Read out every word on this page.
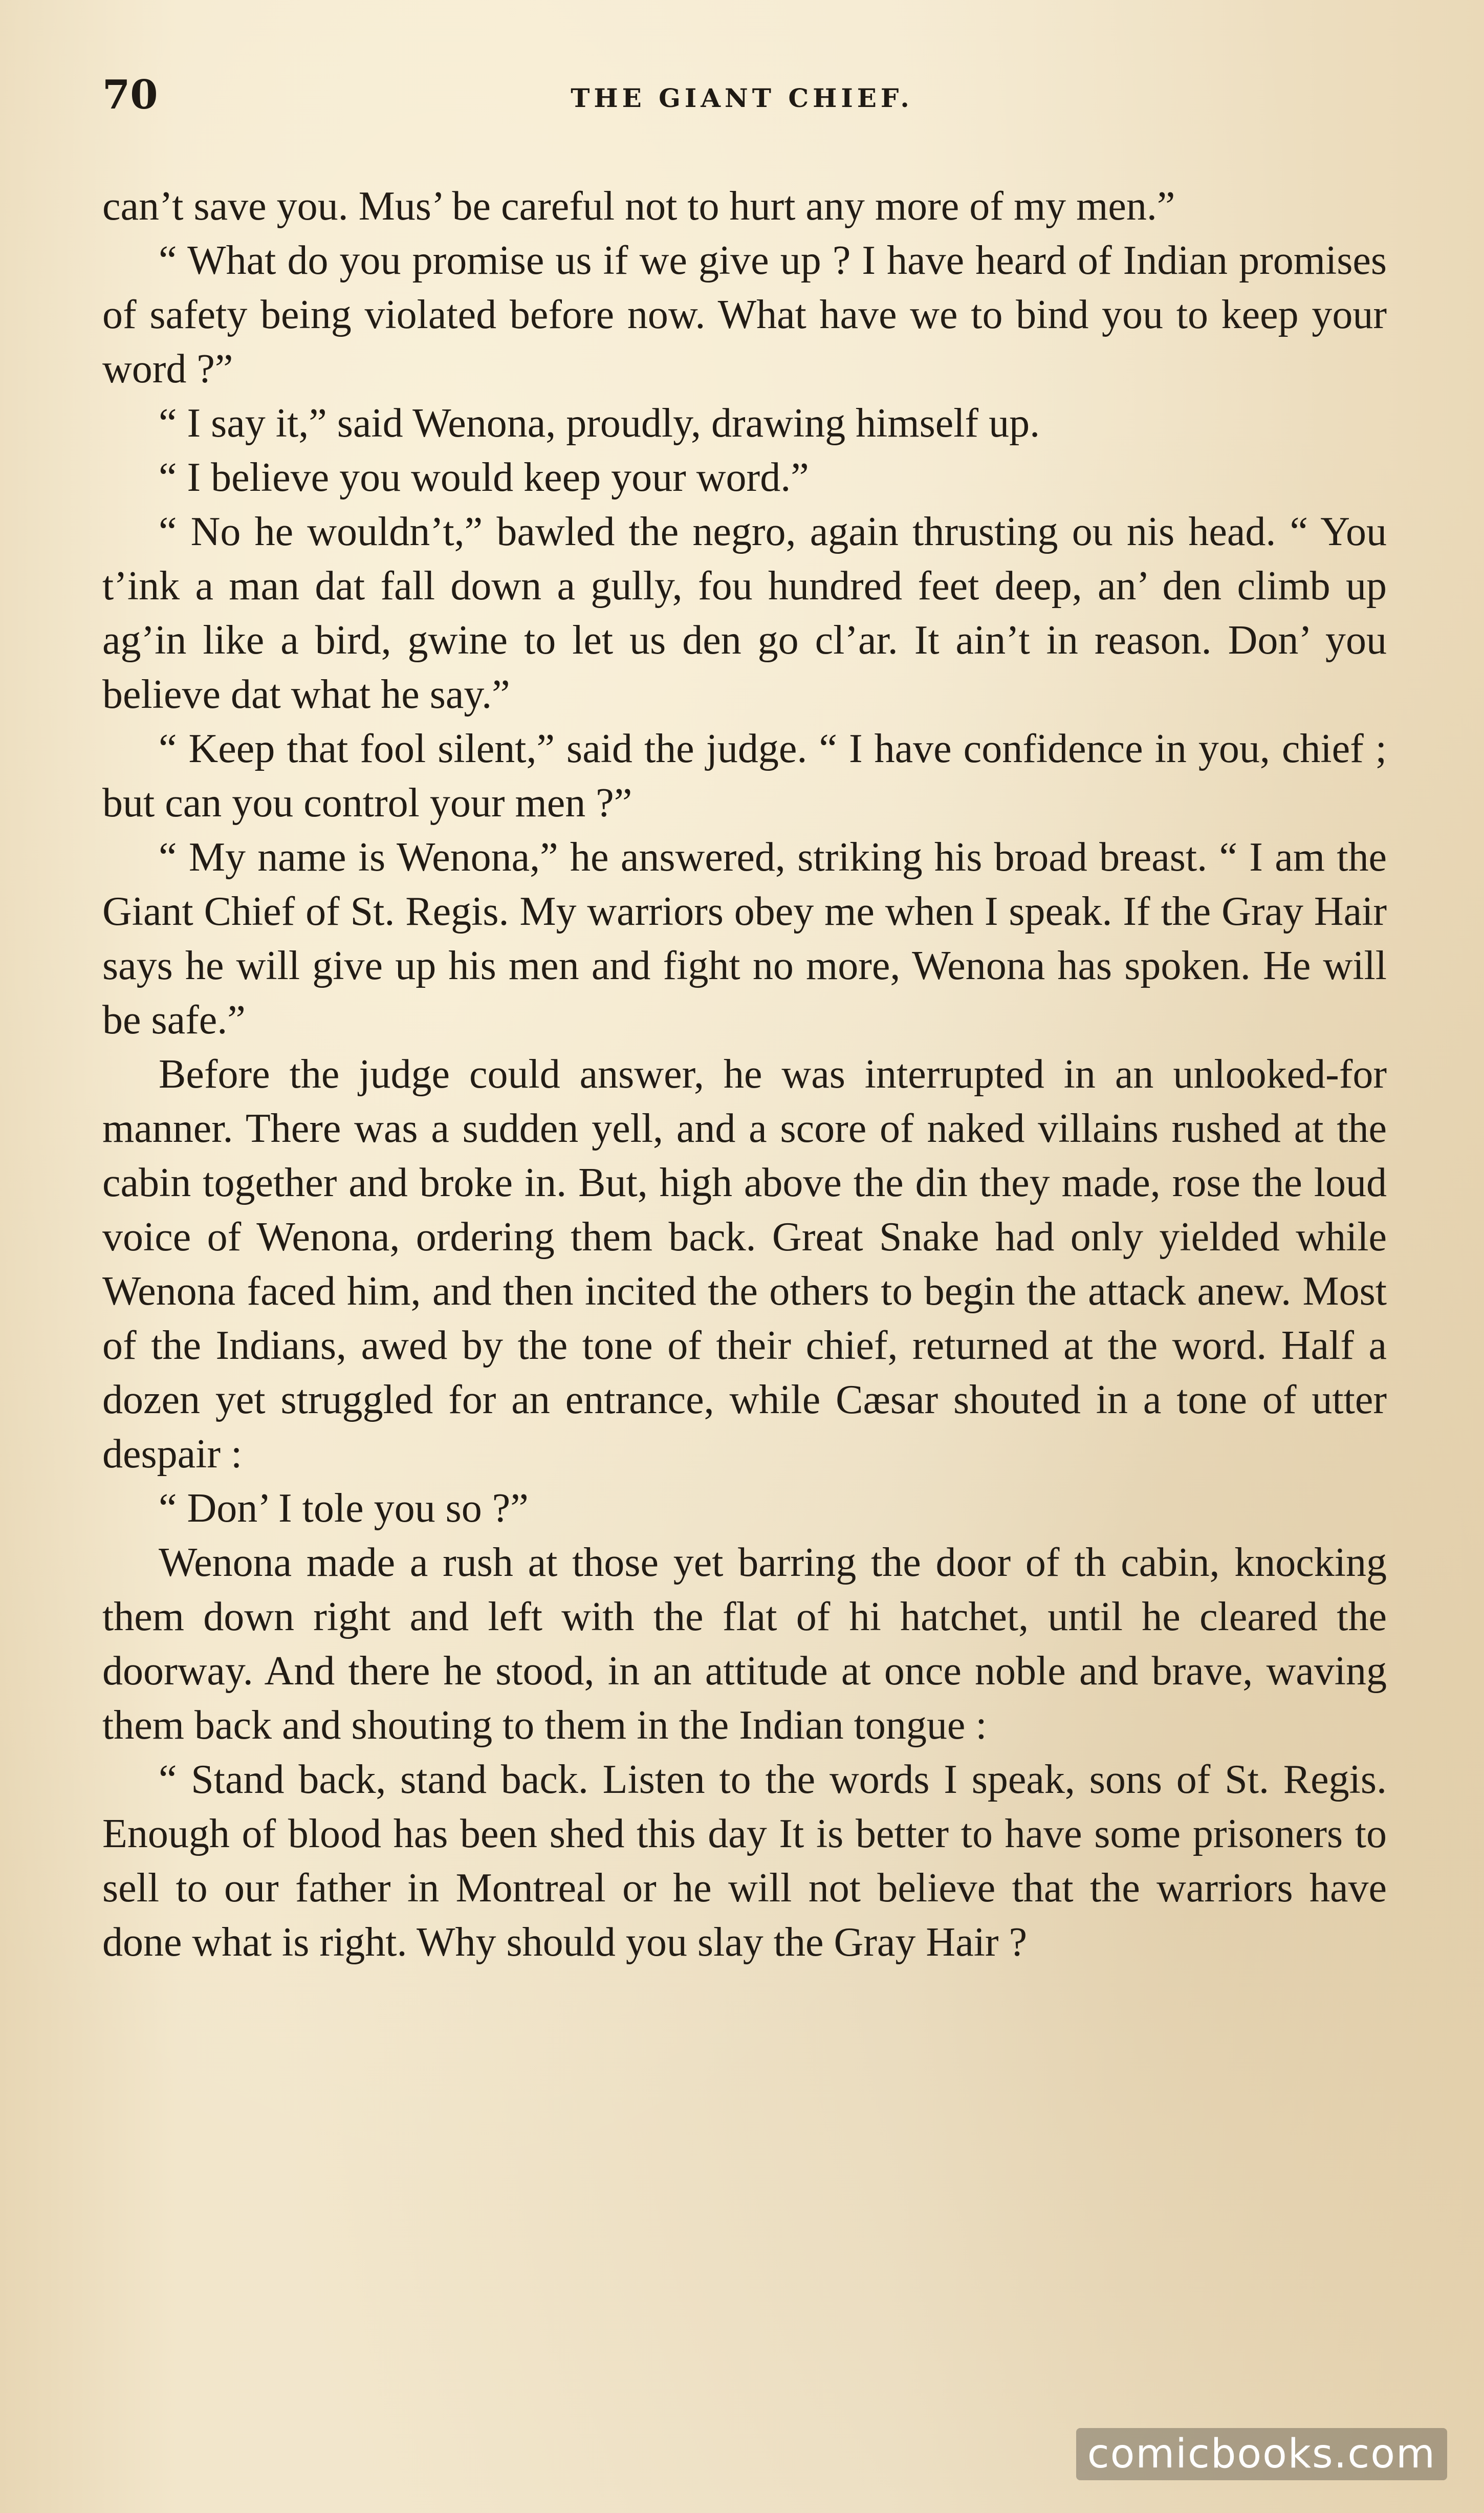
70	THE GIANT CHIEF.

can’t save you. Mus’ be careful not to hurt any more of my men.”

“ What do you promise us if we give up ? I have heard of Indian promises of safety being violated before now. What have we to bind you to keep your word ?”

“ I say it,” said Wenona, proudly, drawing himself up.

“ I believe you would keep your word.”

“ No he wouldn’t,” bawled the negro, again thrusting ou nis head. “ You t’ink a man dat fall down a gully, fou hundred feet deep, an’ den climb up ag’in like a bird, gwine to let us den go cl’ar. It ain’t in reason. Don’ you believe dat what he say.”

“ Keep that fool silent,” said the judge. “ I have confidence in you, chief ; but can you control your men ?”

“ My name is Wenona,” he answered, striking his broad breast. “ I am the Giant Chief of St. Regis. My warriors obey me when I speak. If the Gray Hair says he will give up his men and fight no more, Wenona has spoken. He will be safe.”

Before the judge could answer, he was interrupted in an unlooked-for manner. There was a sudden yell, and a score of naked villains rushed at the cabin together and broke in. But, high above the din they made, rose the loud voice of Wenona, ordering them back. Great Snake had only yielded while Wenona faced him, and then incited the others to begin the attack anew. Most of the Indians, awed by the tone of their chief, returned at the word. Half a dozen yet struggled for an entrance, while Cæsar shouted in a tone of utter despair :

“ Don’ I tole you so ?”

Wenona made a rush at those yet barring the door of th cabin, knocking them down right and left with the flat of hi hatchet, until he cleared the doorway. And there he stood, in an attitude at once noble and brave, waving them back and shouting to them in the Indian tongue :

“ Stand back, stand back. Listen to the words I speak, sons of St. Regis. Enough of blood has been shed this day It is better to have some prisoners to sell to our father in Montreal or he will not believe that the warriors have done what is right. Why should you slay the Gray Hair ?

comicbooks.com
